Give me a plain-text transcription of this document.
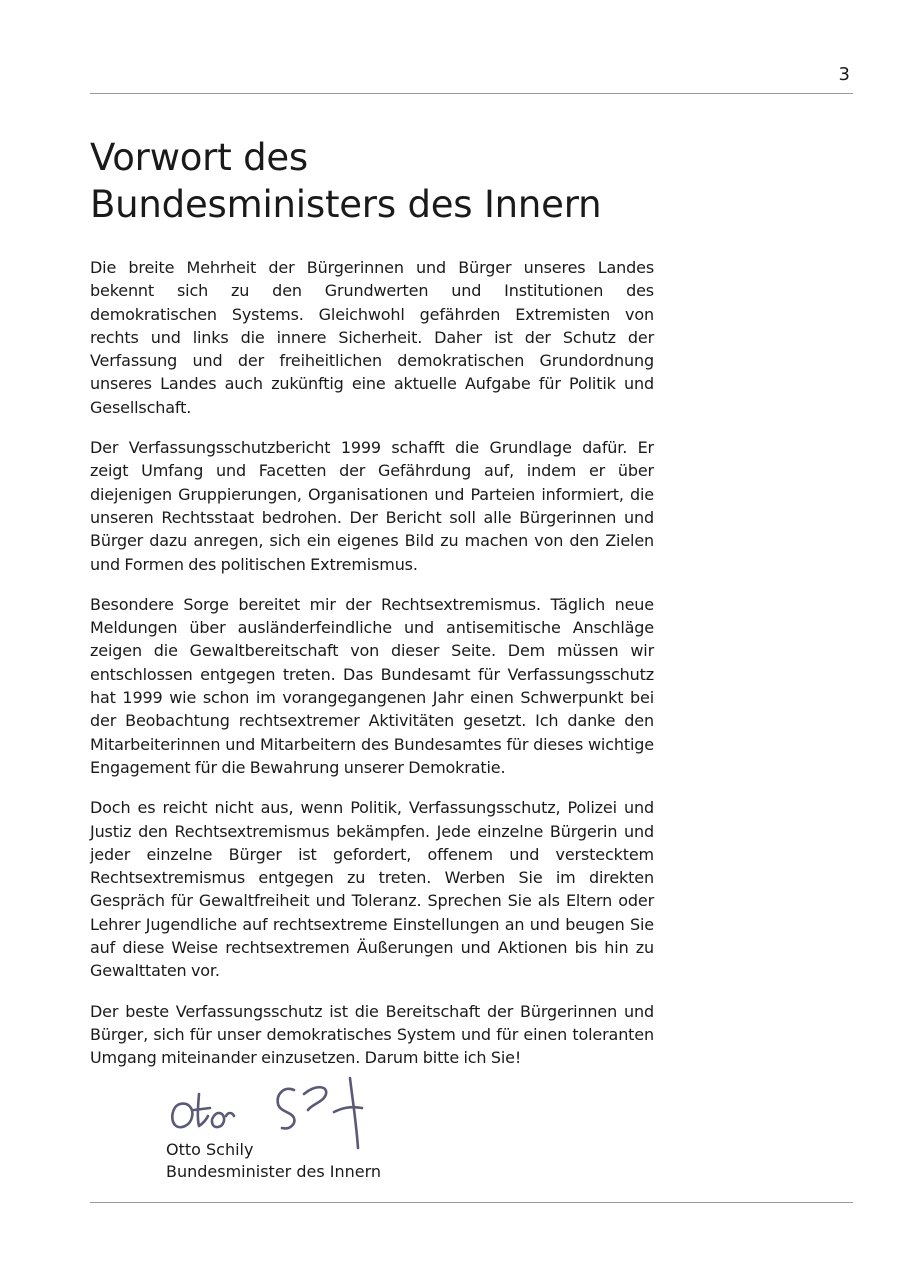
3
Vorwort des
Bundesministers des Innern

Die breite Mehrheit der Bürgerinnen und Bürger unseres Landes bekennt sich zu den Grundwerten und Institutionen des demokratischen Systems. Gleichwohl gefährden Extremisten von rechts und links die innere Sicherheit. Daher ist der Schutz der Verfassung und der freiheitlichen demokratischen Grundordnung unseres Landes auch zukünftig eine aktuelle Aufgabe für Politik und Gesellschaft.

Der Verfassungsschutzbericht 1999 schafft die Grundlage dafür. Er zeigt Umfang und Facetten der Gefährdung auf, indem er über diejenigen Gruppierungen, Organisationen und Parteien informiert, die unseren Rechtsstaat bedrohen. Der Bericht soll alle Bürgerinnen und Bürger dazu anregen, sich ein eigenes Bild zu machen von den Zielen und Formen des politischen Extremismus.

Besondere Sorge bereitet mir der Rechtsextremismus. Täglich neue Meldungen über ausländerfeindliche und antisemitische Anschläge zeigen die Gewaltbereitschaft von dieser Seite. Dem müssen wir entschlossen entgegen treten. Das Bundesamt für Verfassungsschutz hat 1999 wie schon im vorangegangenen Jahr einen Schwerpunkt bei der Beobachtung rechtsextremer Aktivitäten gesetzt. Ich danke den Mitarbeiterinnen und Mitarbeitern des Bundesamtes für dieses wichtige Engagement für die Bewahrung unserer Demokratie.

Doch es reicht nicht aus, wenn Politik, Verfassungsschutz, Polizei und Justiz den Rechtsextremismus bekämpfen. Jede einzelne Bürgerin und jeder einzelne Bürger ist gefordert, offenem und verstecktem Rechtsextremismus entgegen zu treten. Werben Sie im direkten Gespräch für Gewaltfreiheit und Toleranz. Sprechen Sie als Eltern oder Lehrer Jugendliche auf rechtsextreme Einstellungen an und beugen Sie auf diese Weise rechtsextremen Äußerungen und Aktionen bis hin zu Gewalttaten vor.

Der beste Verfassungsschutz ist die Bereitschaft der Bürgerinnen und Bürger, sich für unser demokratisches System und für einen toleranten Umgang miteinander einzusetzen. Darum bitte ich Sie!

Otto Schily
Bundesminister des Innern
